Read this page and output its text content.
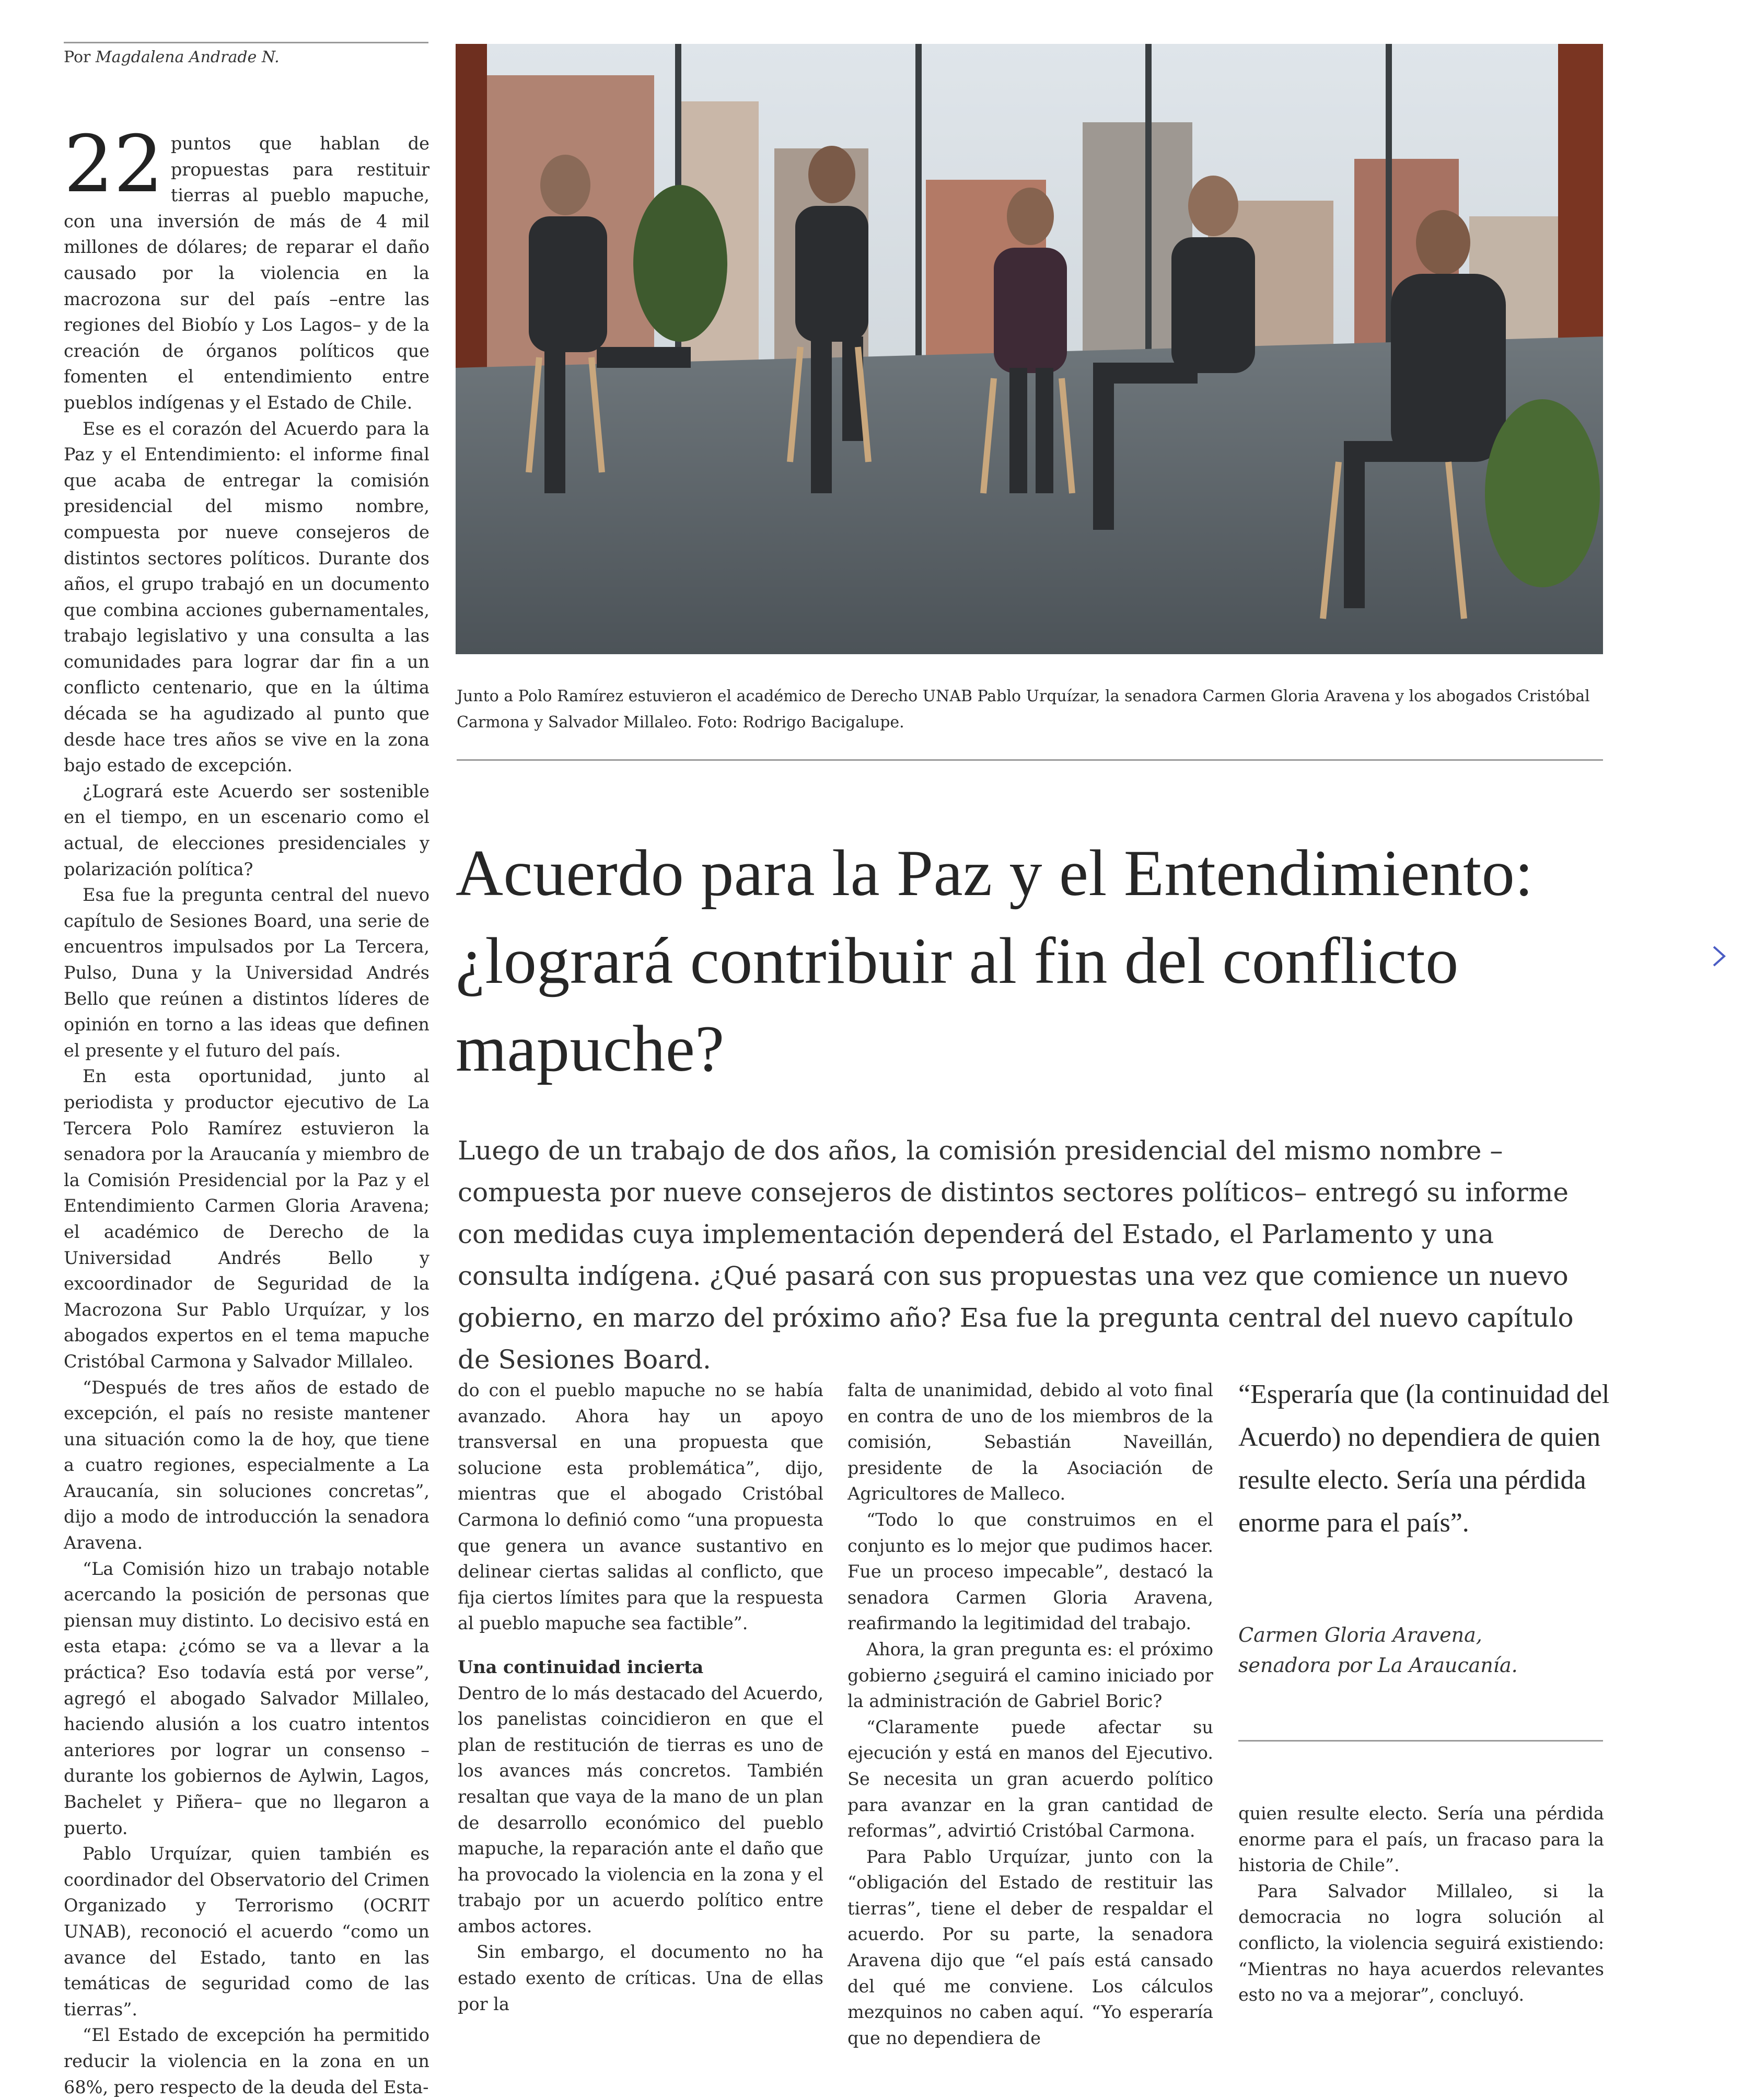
Por Magdalena Andrade N.

22 puntos que hablan de propuestas para restituir tierras al pueblo mapuche, con una inversión de más de 4 mil millones de dólares; de reparar el daño causado por la violencia en la macrozona sur del país –entre las regiones del Biobío y Los Lagos– y de la creación de órganos políticos que fomenten el entendimiento entre pueblos indígenas y el Estado de Chile.

Ese es el corazón del Acuerdo para la Paz y el Entendimiento: el informe final que acaba de entregar la comisión presidencial del mismo nombre, compuesta por nueve consejeros de distintos sectores políticos. Durante dos años, el grupo trabajó en un documento que combina acciones gubernamentales, trabajo legislativo y una consulta a las comunidades para lograr dar fin a un conflicto centenario, que en la última década se ha agudizado al punto que desde hace tres años se vive en la zona bajo estado de excepción.

¿Logrará este Acuerdo ser sostenible en el tiempo, en un escenario como el actual, de elecciones presidenciales y polarización política?

Esa fue la pregunta central del nuevo capítulo de Sesiones Board, una serie de encuentros impulsados por La Tercera, Pulso, Duna y la Universidad Andrés Bello que reúnen a distintos líderes de opinión en torno a las ideas que definen el presente y el futuro del país.

En esta oportunidad, junto al periodista y productor ejecutivo de La Tercera Polo Ramírez estuvieron la senadora por la Araucanía y miembro de la Comisión Presidencial por la Paz y el Entendimiento Carmen Gloria Aravena; el académico de Derecho de la Universidad Andrés Bello y excoordinador de Seguridad de la Macrozona Sur Pablo Urquízar, y los abogados expertos en el tema mapuche Cristóbal Carmona y Salvador Millaleo.

“Después de tres años de estado de excepción, el país no resiste mantener una situación como la de hoy, que tiene a cuatro regiones, especialmente a La Araucanía, sin soluciones concretas”, dijo a modo de introducción la senadora Aravena.

“La Comisión hizo un trabajo notable acercando la posición de personas que piensan muy distinto. Lo decisivo está en esta etapa: ¿cómo se va a llevar a la práctica? Eso todavía está por verse”, agregó el abogado Salvador Millaleo, haciendo alusión a los cuatro intentos anteriores por lograr un consenso –durante los gobiernos de Aylwin, Lagos, Bachelet y Piñera– que no llegaron a puerto.

Pablo Urquízar, quien también es coordinador del Observatorio del Crimen Organizado y Terrorismo (OCRIT UNAB), reconoció el acuerdo “como un avance del Estado, tanto en las temáticas de seguridad como de las tierras”.

“El Estado de excepción ha permitido reducir la violencia en la zona en un 68%, pero respecto de la deuda del Esta-

Junto a Polo Ramírez estuvieron el académico de Derecho UNAB Pablo Urquízar, la senadora Carmen Gloria Aravena y los abogados Cristóbal Carmona y Salvador Millaleo. Foto: Rodrigo Bacigalupe.
Acuerdo para la Paz y el Entendimiento: ¿logrará contribuir al fin del conflicto mapuche?
Luego de un trabajo de dos años, la comisión presidencial del mismo nombre –compuesta por nueve consejeros de distintos sectores políticos– entregó su informe con medidas cuya implementación dependerá del Estado, el Parlamento y una consulta indígena. ¿Qué pasará con sus propuestas una vez que comience un nuevo gobierno, en marzo del próximo año? Esa fue la pregunta central del nuevo capítulo de Sesiones Board.

do con el pueblo mapuche no se había avanzado. Ahora hay un apoyo transversal en una propuesta que solucione esta problemática”, dijo, mientras que el abogado Cristóbal Carmona lo definió como “una propuesta que genera un avance sustantivo en delinear ciertas salidas al conflicto, que fija ciertos límites para que la respuesta al pueblo mapuche sea factible”.

Una continuidad incierta

Dentro de lo más destacado del Acuerdo, los panelistas coincidieron en que el plan de restitución de tierras es uno de los avances más concretos. También resaltan que vaya de la mano de un plan de desarrollo económico del pueblo mapuche, la reparación ante el daño que ha provocado la violencia en la zona y el trabajo por un acuerdo político entre ambos actores.

Sin embargo, el documento no ha estado exento de críticas. Una de ellas por la

falta de unanimidad, debido al voto final en contra de uno de los miembros de la comisión, Sebastián Naveillán, presidente de la Asociación de Agricultores de Malleco.

“Todo lo que construimos en el conjunto es lo mejor que pudimos hacer. Fue un proceso impecable”, destacó la senadora Carmen Gloria Aravena, reafirmando la legitimidad del trabajo.

Ahora, la gran pregunta es: el próximo gobierno ¿seguirá el camino iniciado por la administración de Gabriel Boric?

“Claramente puede afectar su ejecución y está en manos del Ejecutivo. Se necesita un gran acuerdo político para avanzar en la gran cantidad de reformas”, advirtió Cristóbal Carmona.

Para Pablo Urquízar, junto con la “obligación del Estado de restituir las tierras”, tiene el deber de respaldar el acuerdo. Por su parte, la senadora Aravena dijo que “el país está cansado del qué me conviene. Los cálculos mezquinos no caben aquí. “Yo esperaría que no dependiera de

“Esperaría que (la continuidad del Acuerdo) no dependiera de quien resulte electo. Sería una pérdida enorme para el país”.
Carmen Gloria Aravena,
senadora por La Araucanía.

quien resulte electo. Sería una pérdida enorme para el país, un fracaso para la historia de Chile”.

Para Salvador Millaleo, si la democracia no logra solución al conflicto, la violencia seguirá existiendo: “Mientras no haya acuerdos relevantes esto no va a mejorar”, concluyó.
